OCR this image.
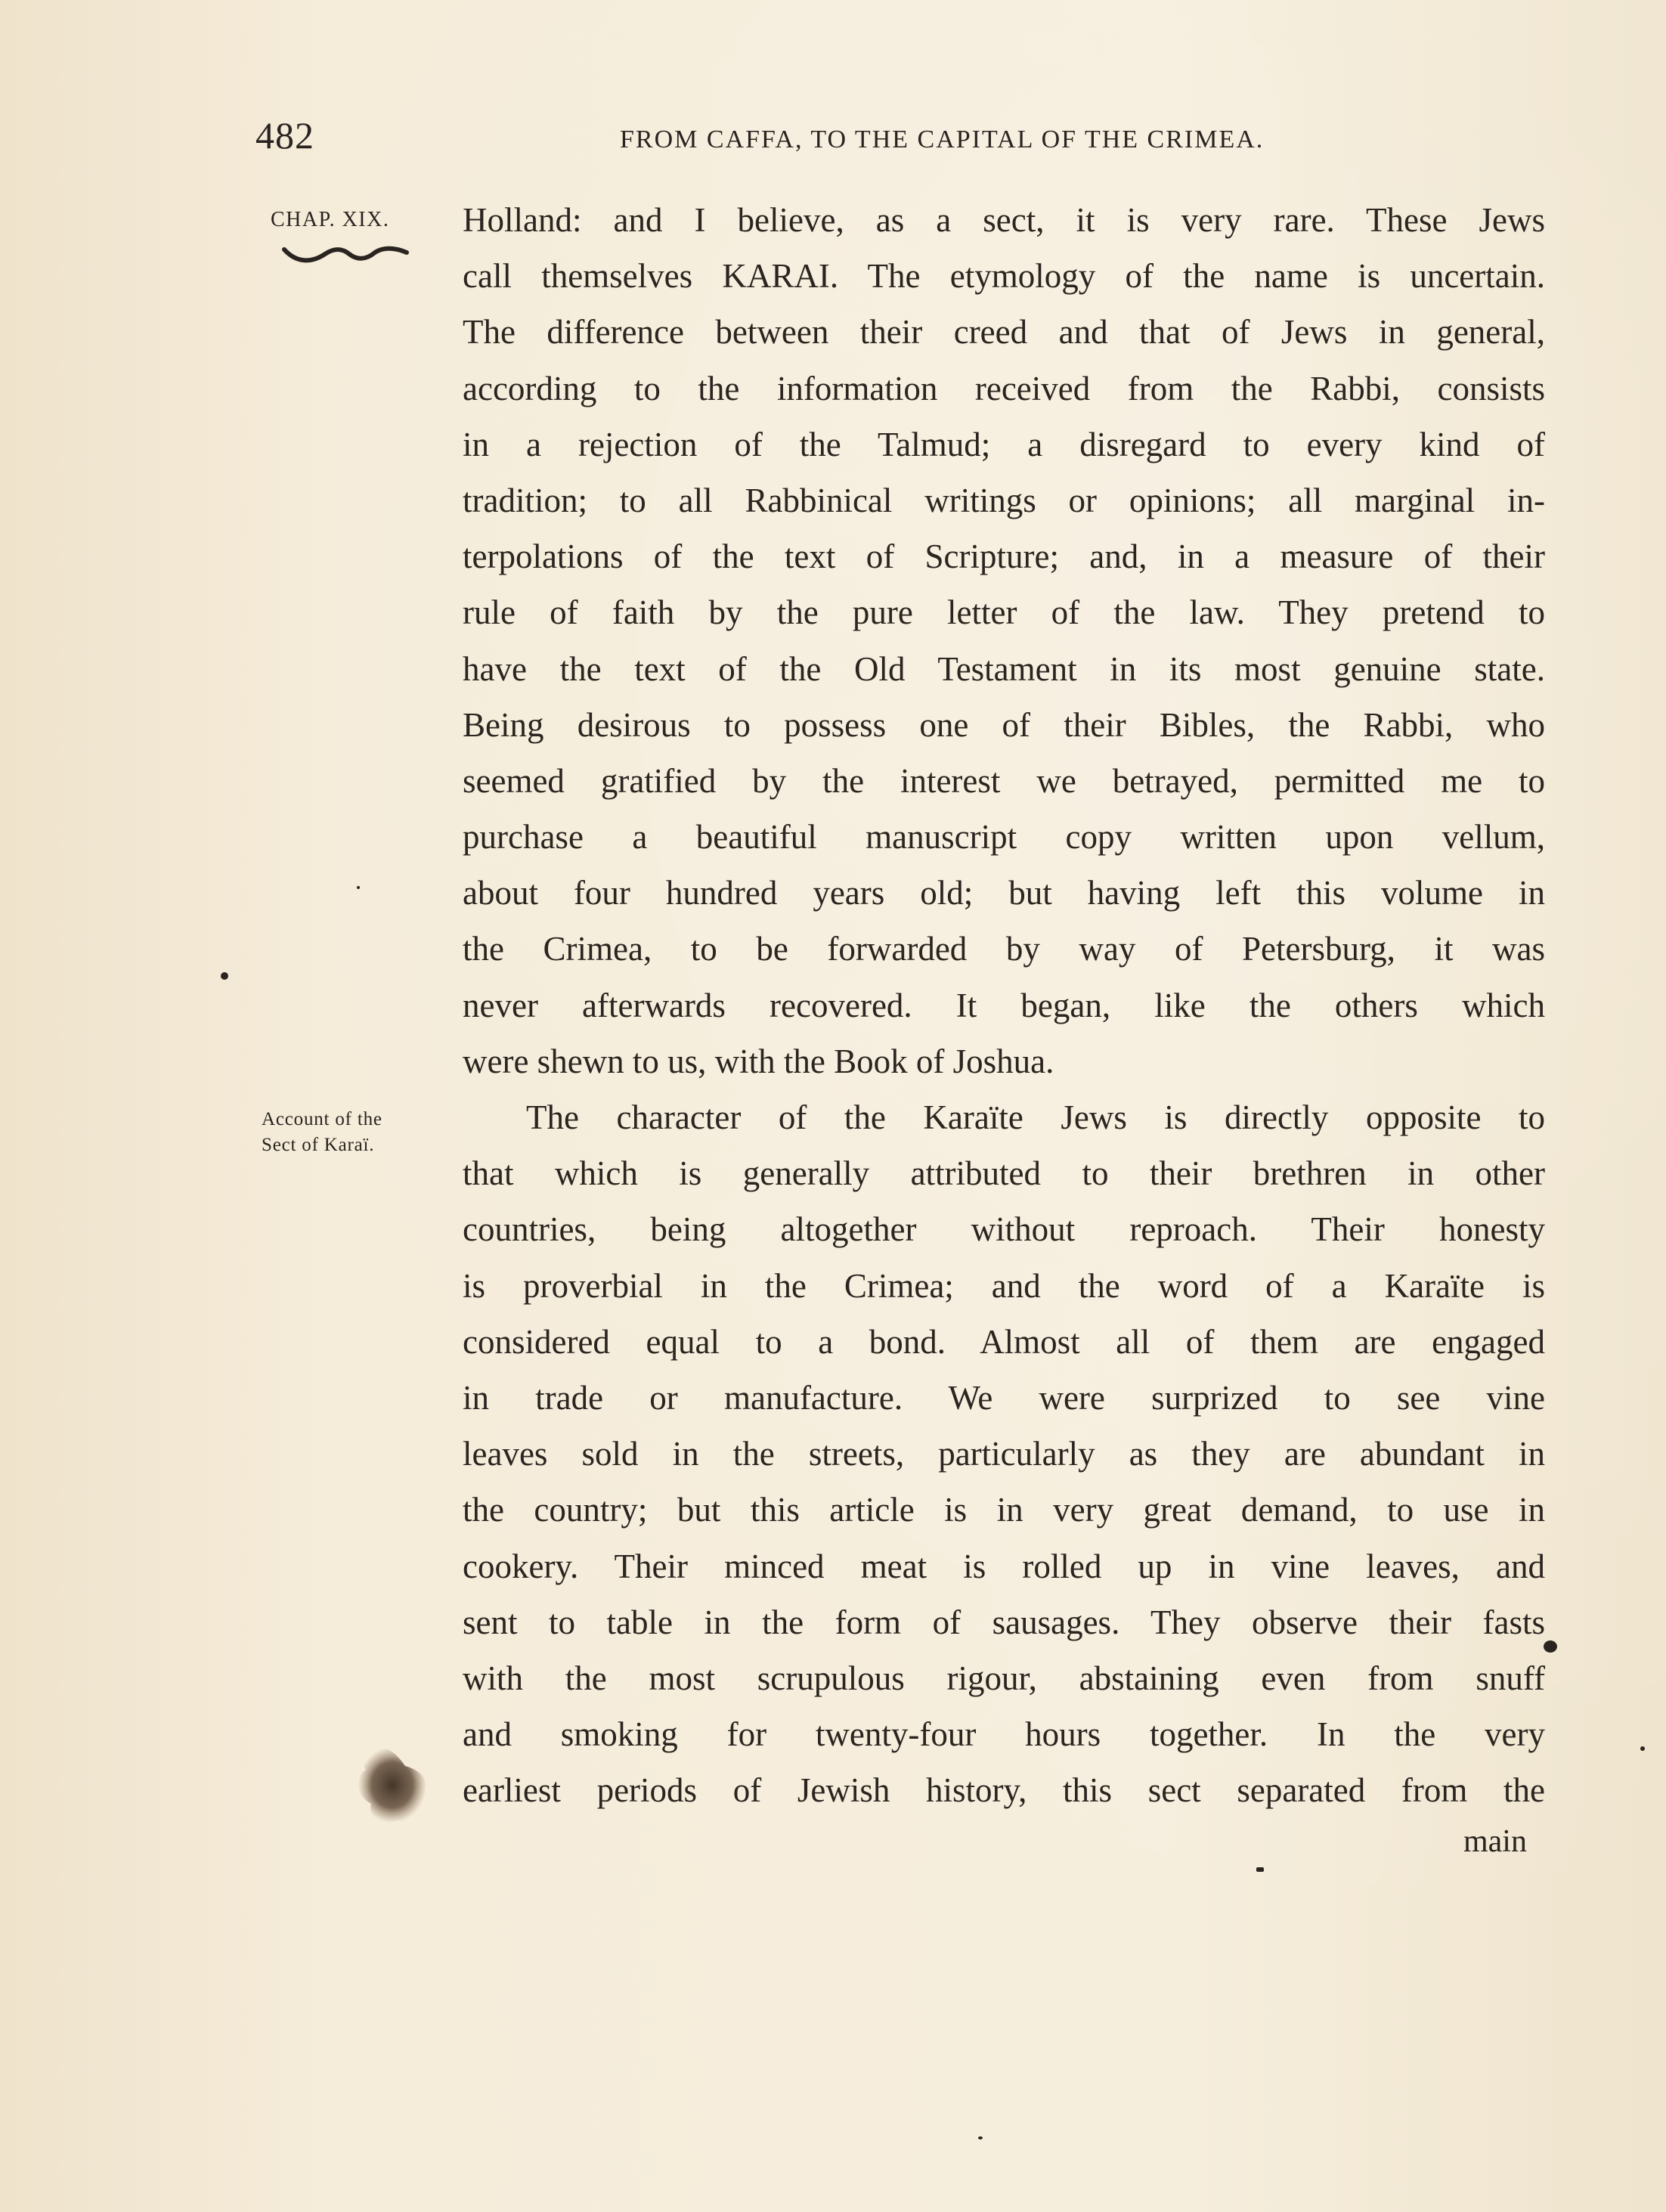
482	FROM CAFFA, TO THE CAPITAL OF THE CRIMEA.
CHAP. XIX.
Account of the
Sect of Karaï.
Holland: and I believe, as a sect, it is very rare. These Jews
call themselves KARAI. The etymology of the name is uncertain.
The difference between their creed and that of Jews in general,
according to the information received from the Rabbi, consists
in a rejection of the Talmud; a disregard to every kind of
tradition; to all Rabbinical writings or opinions; all marginal in-
terpolations of the text of Scripture; and, in a measure of their
rule of faith by the pure letter of the law. They pretend to
have the text of the Old Testament in its most genuine state.
Being desirous to possess one of their Bibles, the Rabbi, who
seemed gratified by the interest we betrayed, permitted me to
purchase a beautiful manuscript copy written upon vellum,
about four hundred years old; but having left this volume in
the Crimea, to be forwarded by way of Petersburg, it was
never afterwards recovered. It began, like the others which
were shewn to us, with the Book of Joshua.
The character of the Karaïte Jews is directly opposite to
that which is generally attributed to their brethren in other
countries, being altogether without reproach. Their honesty
is proverbial in the Crimea; and the word of a Karaïte is
considered equal to a bond. Almost all of them are engaged
in trade or manufacture. We were surprized to see vine
leaves sold in the streets, particularly as they are abundant in
the country; but this article is in very great demand, to use in
cookery. Their minced meat is rolled up in vine leaves, and
sent to table in the form of sausages. They observe their fasts
with the most scrupulous rigour, abstaining even from snuff
and smoking for twenty-four hours together. In the very
earliest periods of Jewish history, this sect separated from the
main
